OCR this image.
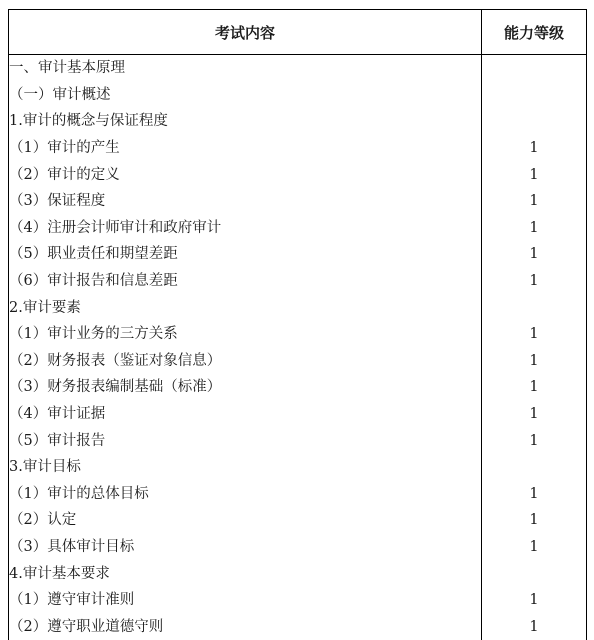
考试内容	能力等级
一、审计基本原理	
（一）审计概述	
1.审计的概念与保证程度	
（1）审计的产生	1
（2）审计的定义	1
（3）保证程度	1
（4）注册会计师审计和政府审计	1
（5）职业责任和期望差距	1
（6）审计报告和信息差距	1
2.审计要素	
（1）审计业务的三方关系	1
（2）财务报表（鉴证对象信息）	1
（3）财务报表编制基础（标准）	1
（4）审计证据	1
（5）审计报告	1
3.审计目标	
（1）审计的总体目标	1
（2）认定	1
（3）具体审计目标	1
4.审计基本要求	
（1）遵守审计准则	1
（2）遵守职业道德守则	1
